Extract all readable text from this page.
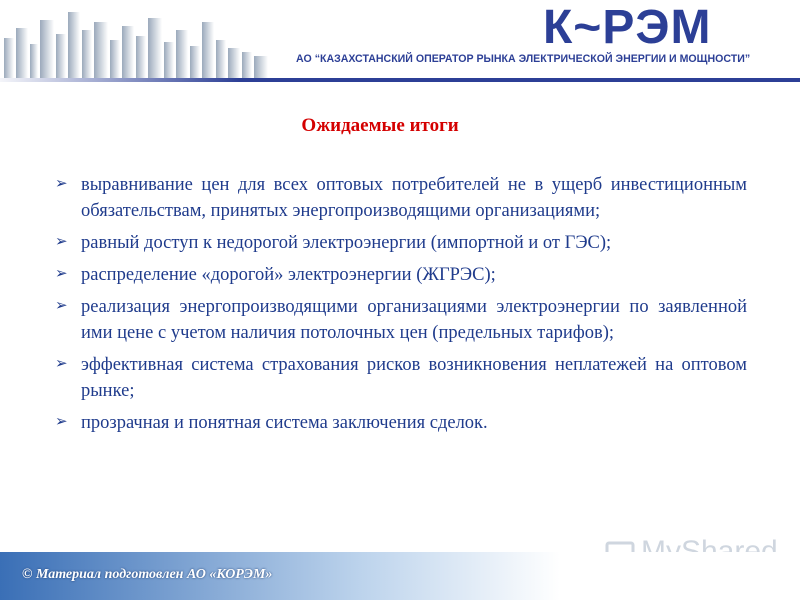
К~РЭМ
АО “КАЗАХСТАНСКИЙ ОПЕРАТОР РЫНКА ЭЛЕКТРИЧЕСКОЙ ЭНЕРГИИ И МОЩНОСТИ”
Ожидаемые итоги
➢ выравнивание цен для всех оптовых потребителей не в ущерб инвестиционным обязательствам, принятых энергопроизводящими организациями;
➢ равный доступ к недорогой электроэнергии (импортной и от ГЭС);
➢ распределение «дорогой» электроэнергии (ЖГРЭС);
➢ реализация энергопроизводящими организациями электроэнергии по заявленной ими цене с учетом наличия потолочных цен (предельных тарифов);
➢ эффективная система страхования рисков возникновения неплатежей на оптовом рынке;
➢ прозрачная и понятная система заключения сделок.
© Материал подготовлен АО «КОРЭМ»
